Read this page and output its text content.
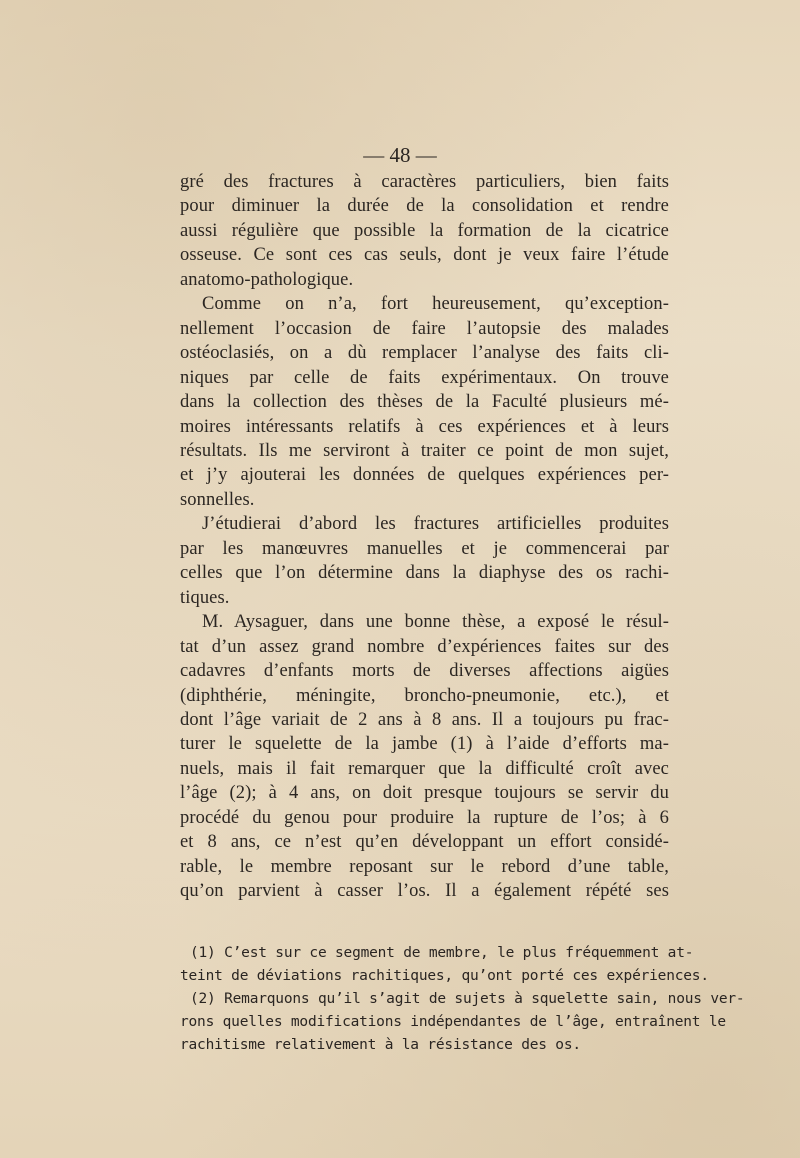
— 48 —
gré des fractures à caractères particuliers, bien faits
pour diminuer la durée de la consolidation et rendre
aussi régulière que possible la formation de la cicatrice
osseuse. Ce sont ces cas seuls, dont je veux faire l’étude
anatomo-pathologique.
Comme on n’a, fort heureusement, qu’exception-
nellement l’occasion de faire l’autopsie des malades
ostéoclasiés, on a dù remplacer l’analyse des faits cli-
niques par celle de faits expérimentaux. On trouve
dans la collection des thèses de la Faculté plusieurs mé-
moires intéressants relatifs à ces expériences et à leurs
résultats. Ils me serviront à traiter ce point de mon sujet,
et j’y ajouterai les données de quelques expériences per-
sonnelles.
J’étudierai d’abord les fractures artificielles produites
par les manœuvres manuelles et je commencerai par
celles que l’on détermine dans la diaphyse des os rachi-
tiques.
M. Aysaguer, dans une bonne thèse, a exposé le résul-
tat d’un assez grand nombre d’expériences faites sur des
cadavres d’enfants morts de diverses affections aigües
(diphthérie, méningite, broncho-pneumonie, etc.), et
dont l’âge variait de 2 ans à 8 ans. Il a toujours pu frac-
turer le squelette de la jambe (1) à l’aide d’efforts ma-
nuels, mais il fait remarquer que la difficulté croît avec
l’âge (2); à 4 ans, on doit presque toujours se servir du
procédé du genou pour produire la rupture de l’os; à 6
et 8 ans, ce n’est qu’en développant un effort considé-
rable, le membre reposant sur le rebord d’une table,
qu’on parvient à casser l’os. Il a également répété ses
(1) C’est sur ce segment de membre, le plus fréquemment at-
teint de déviations rachitiques, qu’ont porté ces expériences.
(2) Remarquons qu’il s’agit de sujets à squelette sain, nous ver-
rons quelles modifications indépendantes de l’âge, entraînent le
rachitisme relativement à la résistance des os.
